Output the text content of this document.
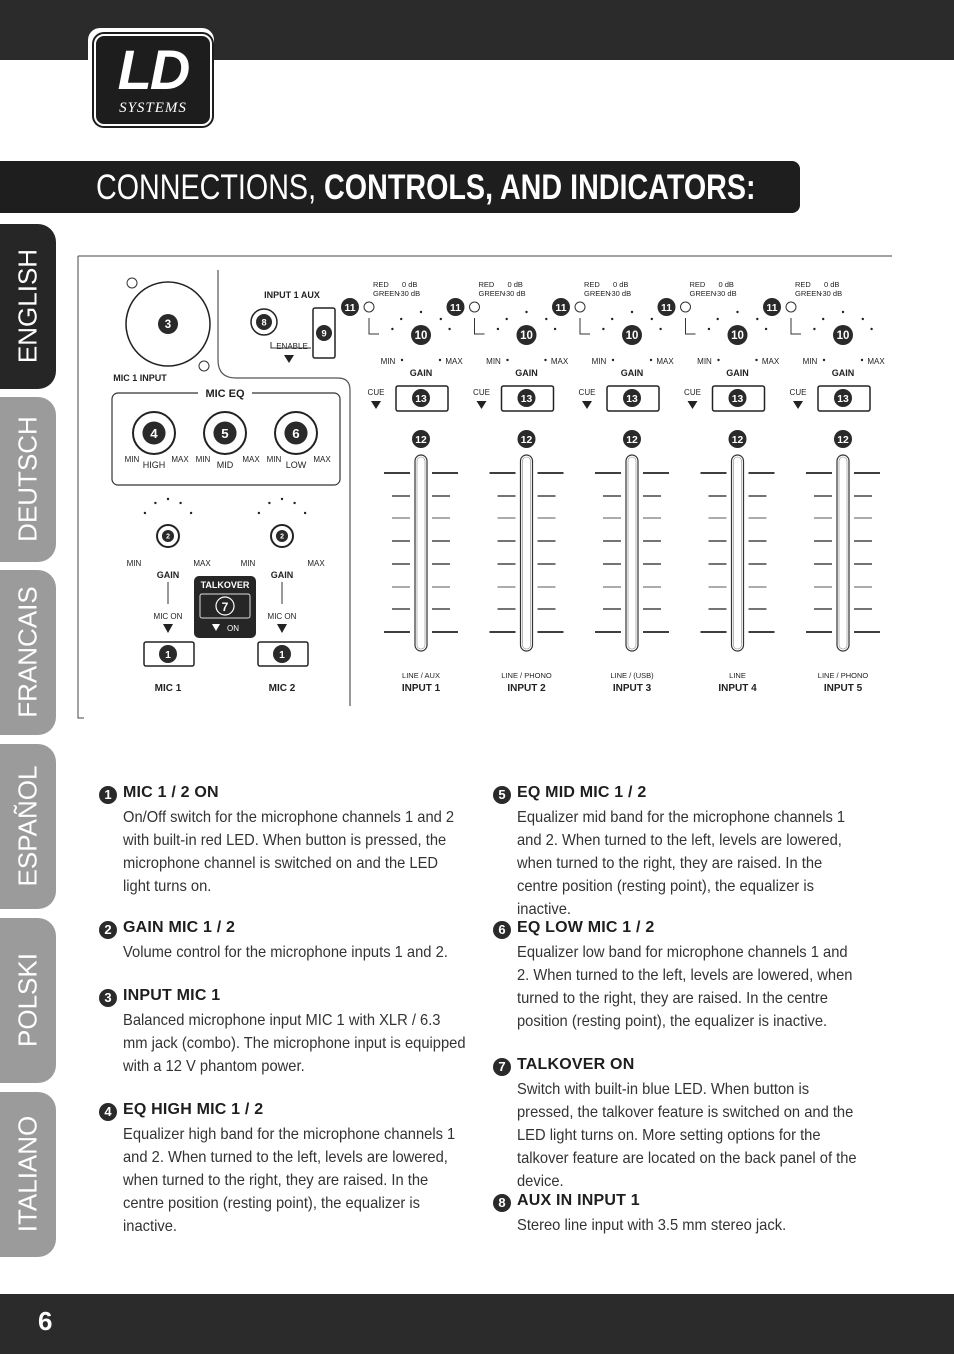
LD
SYSTEMS
CONNECTIONS, CONTROLS, AND INDICATORS:
ENGLISH
DEUTSCH
FRANCAIS
ESPAÑOL
POLSKI
ITALIANO
3
MIC 1 INPUT
INPUT 1 AUX
8
9
ENABLE
MIC EQ
4
MIN	MAX
HIGH
5
MIN	MAX
MID
6
MIN	MAX
LOW
2
MIN	MAX
GAIN
MIC ON
1
MIC 1
2
MIN	MAX
GAIN
MIC ON
1
MIC 2
TALKOVER
7
ON
RED 0 dB
GREEN
-30 dB
11
10
MIN	MAX
GAIN
CUE
13
12
LINE / AUX
INPUT 1
RED 0 dB
GREEN
-30 dB
11
10
MIN	MAX
GAIN
CUE
13
12
LINE / PHONO
INPUT 2
RED 0 dB
GREEN
-30 dB
11
10
MIN	MAX
GAIN
CUE
13
12
LINE / (USB)
INPUT 3
RED 0 dB
GREEN
-30 dB
11
10
MIN	MAX
GAIN
CUE
13
12
LINE
INPUT 4
RED 0 dB
GREEN
-30 dB
11
10
MIN	MAX
GAIN
CUE
13
12
LINE / PHONO
INPUT 5
1 MIC 1 / 2 ON
On/Off switch for the microphone channels 1 and 2 with built-in red LED. When button is pressed, the microphone channel is switched on and the LED light turns on.
2 GAIN MIC 1 / 2
Volume control for the microphone inputs 1 and 2.
3 INPUT MIC 1
Balanced microphone input MIC 1 with XLR / 6.3 mm jack (combo). The microphone input is equipped with a 12 V phantom power.
4 EQ HIGH MIC 1 / 2
Equalizer high band for the microphone channels 1 and 2. When turned to the left, levels are lowered, when turned to the right, they are raised. In the centre position (resting point), the equalizer is inactive.
5 EQ MID MIC 1 / 2
Equalizer mid band for the microphone channels 1 and 2. When turned to the left, levels are lowered, when turned to the right, they are raised. In the centre position (resting point), the equalizer is inactive.
6 EQ LOW MIC 1 / 2
Equalizer low band for microphone channels 1 and 2. When turned to the left, levels are lowered, when turned to the right, they are raised. In the centre position (resting point), the equalizer is inactive.
7 TALKOVER ON
Switch with built-in blue LED. When button is pressed, the talkover feature is switched on and the LED light turns on. More setting options for the talkover feature are located on the back panel of the device.
8 AUX IN INPUT 1
Stereo line input with 3.5 mm stereo jack.
6
